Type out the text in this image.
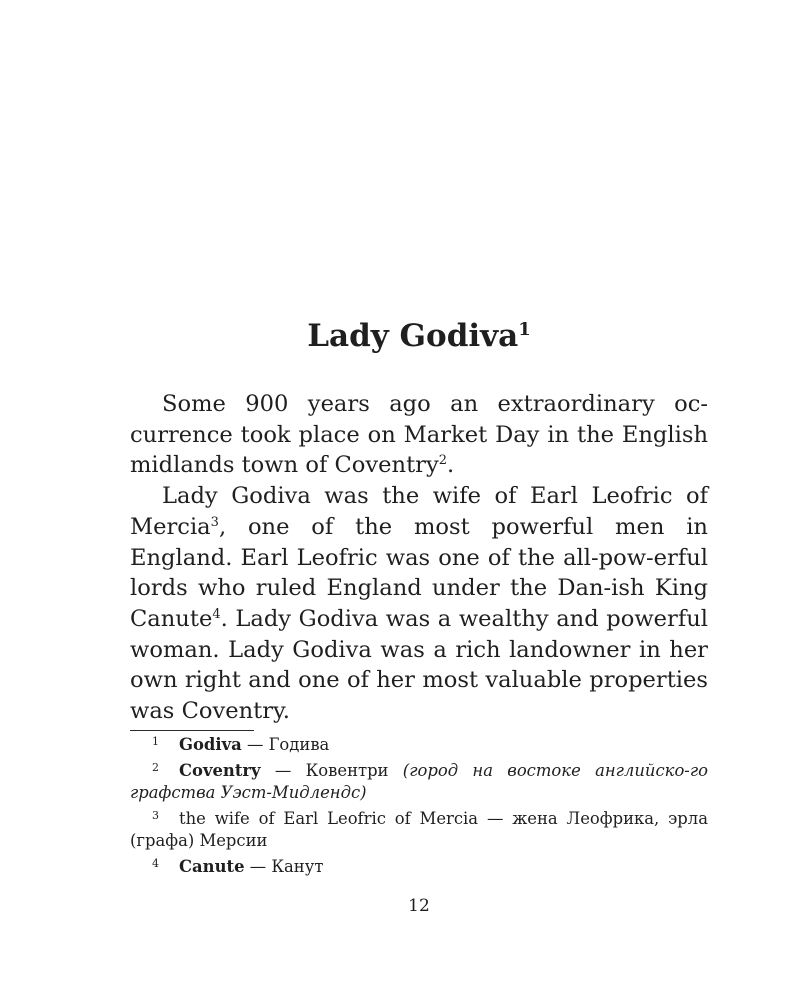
Lady Godiva$^1$

Some 900 years ago an extraordinary oc-currence took place on Market Day in the English midlands town of Coventry$^2$.

Lady Godiva was the wife of Earl Leofric of Mercia$^3$, one of the most powerful men in England. Earl Leofric was one of the all-pow-erful lords who ruled England under the Dan-ish King Canute$^4$. Lady Godiva was a wealthy and powerful woman. Lady Godiva was a rich landowner in her own right and one of her most valuable properties was Coventry.

1 Godiva — Годива

2 Coventry — Ковентри (город на востоке английско-го графства Уэст-Мидлендс)

3 the wife of Earl Leofric of Mercia — жена Леофрика, эрла (графа) Мерсии

4 Canute — Канут

12
